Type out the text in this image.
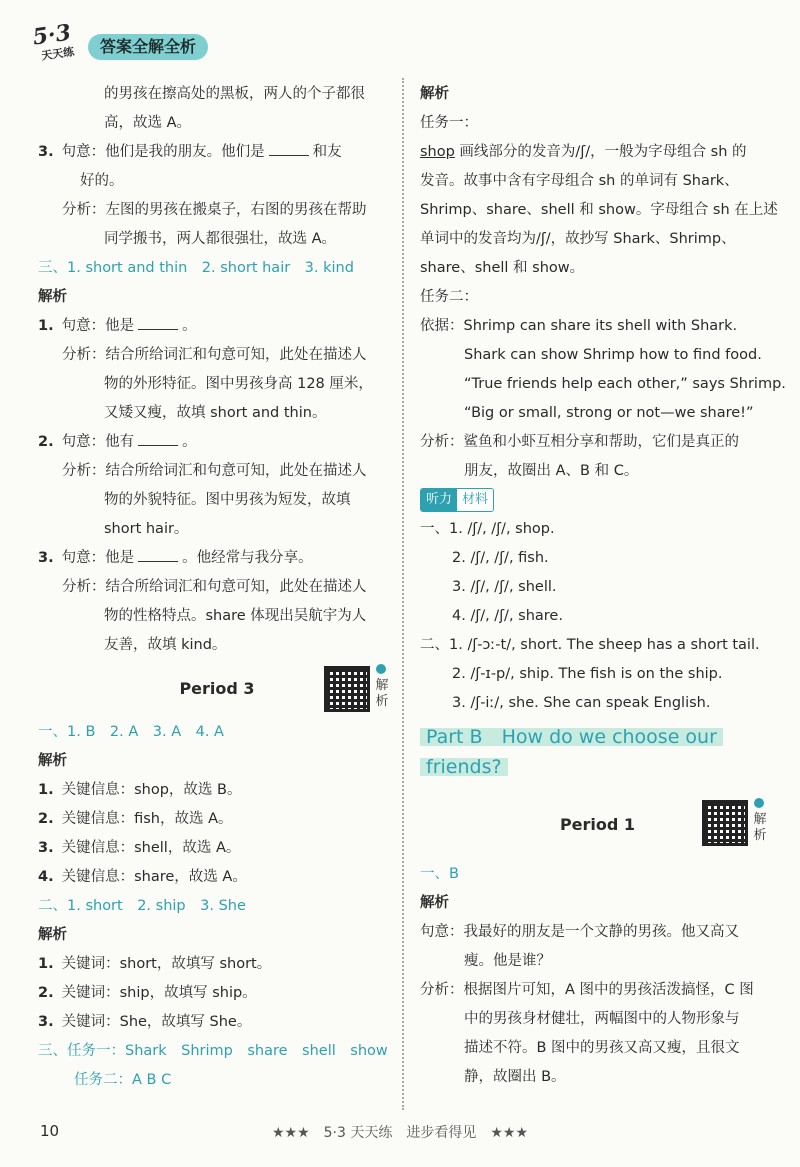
5·3
天天练	答案全解全析

的男孩在擦高处的黑板，两人的个子都很

高，故选 A。

3. 句意：他们是我的朋友。他们是	和友

好的。

分析：左图的男孩在搬桌子，右图的男孩在帮助

同学搬书，两人都很强壮，故选 A。

三、1. short and thin　2. short hair　3. kind

解析

1. 句意：他是	。

分析：结合所给词汇和句意可知，此处在描述人

物的外形特征。图中男孩身高 128 厘米，

又矮又瘦，故填 short and thin。

2. 句意：他有	。

分析：结合所给词汇和句意可知，此处在描述人

物的外貌特征。图中男孩为短发，故填

short hair。

3. 句意：他是	。他经常与我分享。

分析：结合所给词汇和句意可知，此处在描述人

物的性格特点。share 体现出吴航宇为人

友善，故填 kind。

Period 3	解析

一、1. B　2. A　3. A　4. A

解析

1. 关键信息：shop，故选 B。

2. 关键信息：fish，故选 A。

3. 关键信息：shell，故选 A。

4. 关键信息：share，故选 A。

二、1. short　2. ship　3. She

解析

1. 关键词：short，故填写 short。

2. 关键词：ship，故填写 ship。

3. 关键词：She，故填写 She。

三、任务一：Shark　Shrimp　share　shell　show

任务二：A B C

解析

任务一：

shop 画线部分的发音为/ʃ/，一般为字母组合 sh 的

发音。故事中含有字母组合 sh 的单词有 Shark、

Shrimp、share、shell 和 show。字母组合 sh 在上述

单词中的发音均为/ʃ/，故抄写 Shark、Shrimp、

share、shell 和 show。

任务二：

依据：Shrimp can share its shell with Shark.

Shark can show Shrimp how to find food.

“True friends help each other,” says Shrimp.

“Big or small, strong or not—we share!”

分析：鲨鱼和小虾互相分享和帮助，它们是真正的

朋友，故圈出 A、B 和 C。

听力 材料

一、1. /ʃ/, /ʃ/, shop.

2. /ʃ/, /ʃ/, fish.

3. /ʃ/, /ʃ/, shell.

4. /ʃ/, /ʃ/, share.

二、1. /ʃ-ɔː-t/, short. The sheep has a short tail.

2. /ʃ-ɪ-p/, ship. The fish is on the ship.

3. /ʃ-iː/, she. She can speak English.

Part B　How do we choose our
friends?

Period 1	解析

一、B

解析

句意：我最好的朋友是一个文静的男孩。他又高又

瘦。他是谁？

分析：根据图片可知，A 图中的男孩活泼搞怪，C 图

中的男孩身材健壮，两幅图中的人物形象与

描述不符。B 图中的男孩又高又瘦，且很文

静，故圈出 B。

★★★　5·3 天天练　进步看得见　★★★
10
